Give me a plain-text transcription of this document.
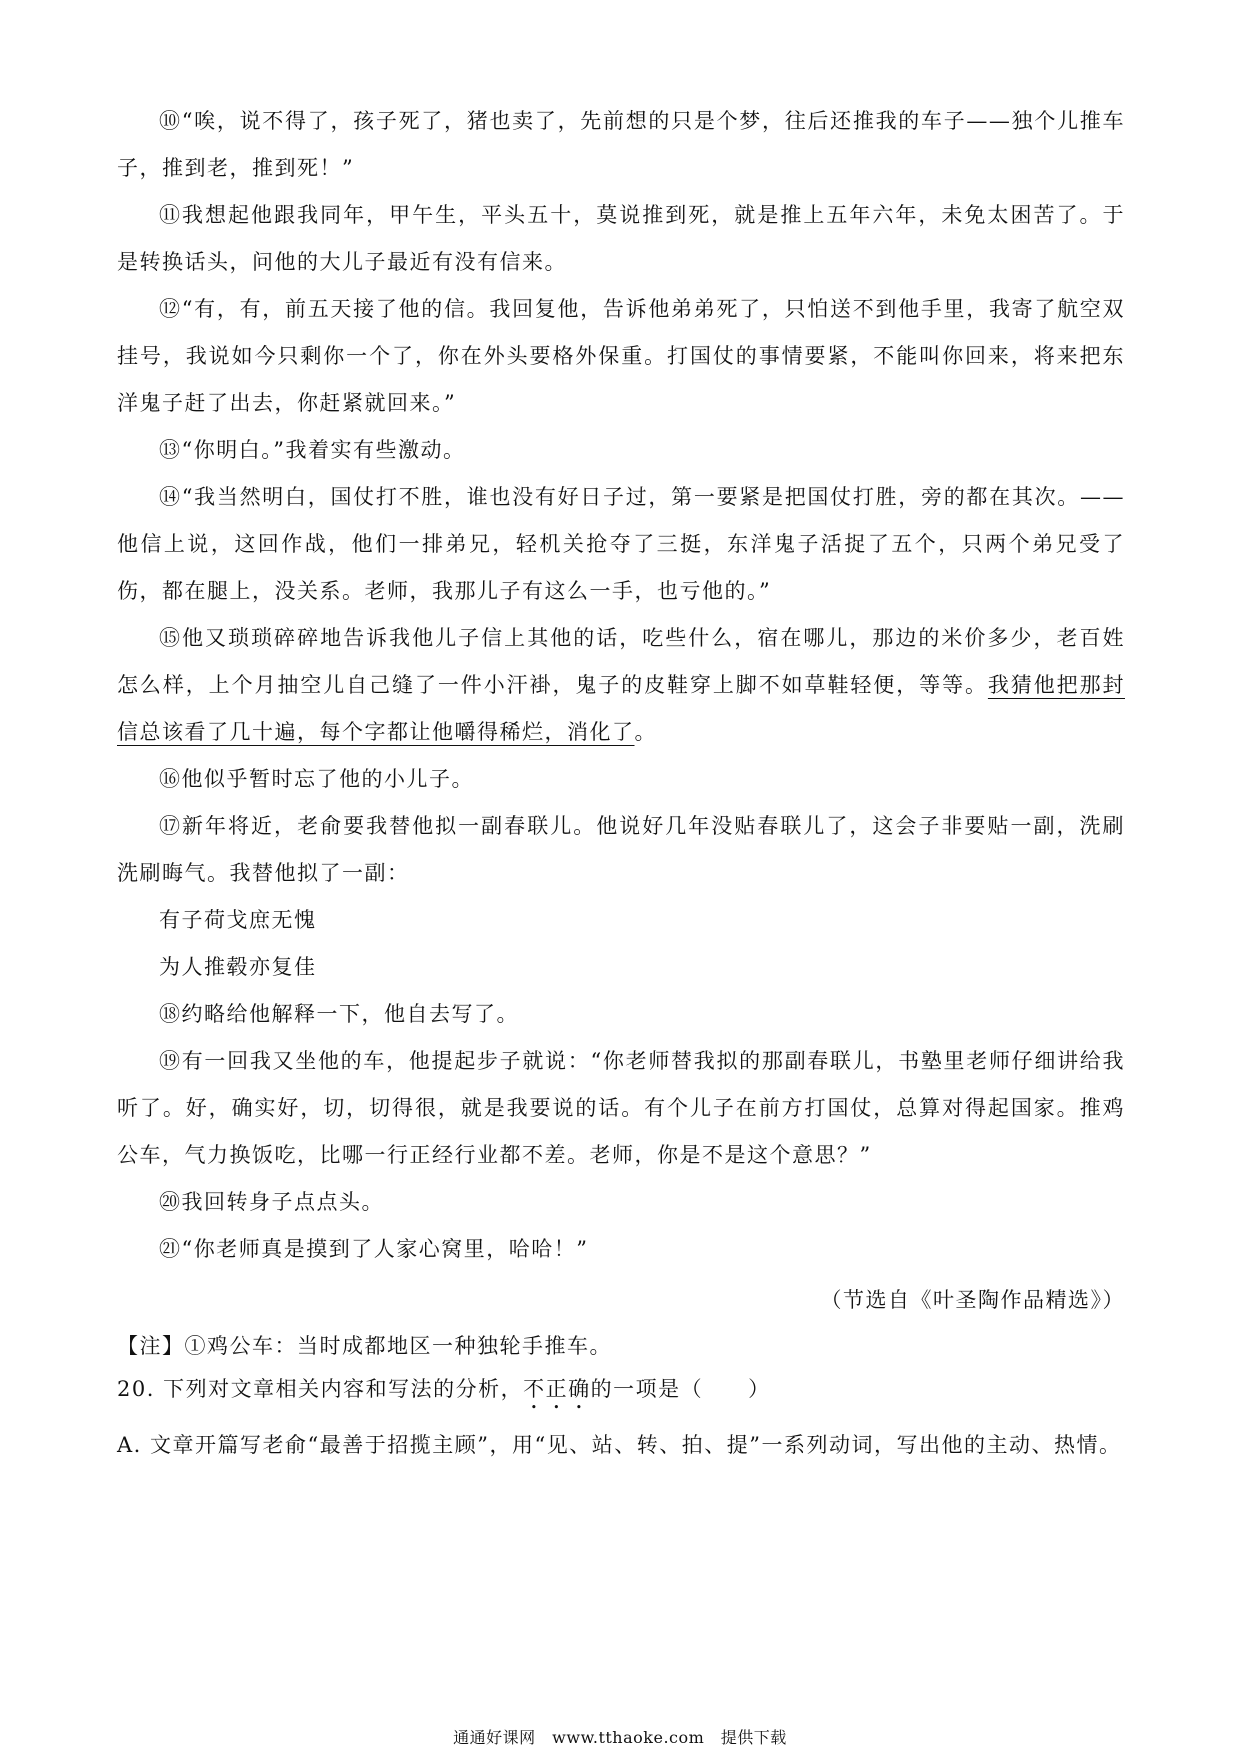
⑩“唉，说不得了，孩子死了，猪也卖了，先前想的只是个梦，往后还推我的车子——独个儿推车子，推到老，推到死！”

⑪我想起他跟我同年，甲午生，平头五十，莫说推到死，就是推上五年六年，未免太困苦了。于是转换话头，问他的大儿子最近有没有信来。

⑫“有，有，前五天接了他的信。我回复他，告诉他弟弟死了，只怕送不到他手里，我寄了航空双挂号，我说如今只剩你一个了，你在外头要格外保重。打国仗的事情要紧，不能叫你回来，将来把东洋鬼子赶了出去，你赶紧就回来。”

⑬“你明白。”我着实有些激动。

⑭“我当然明白，国仗打不胜，谁也没有好日子过，第一要紧是把国仗打胜，旁的都在其次。——他信上说，这回作战，他们一排弟兄，轻机关抢夺了三挺，东洋鬼子活捉了五个，只两个弟兄受了伤，都在腿上，没关系。老师，我那儿子有这么一手，也亏他的。”

⑮他又琐琐碎碎地告诉我他儿子信上其他的话，吃些什么，宿在哪儿，那边的米价多少，老百姓怎么样，上个月抽空儿自己缝了一件小汗褂，鬼子的皮鞋穿上脚不如草鞋轻便，等等。我猜他把那封信总该看了几十遍，每个字都让他嚼得稀烂，消化了。

⑯他似乎暂时忘了他的小儿子。

⑰新年将近，老俞要我替他拟一副春联儿。他说好几年没贴春联儿了，这会子非要贴一副，洗刷洗刷晦气。我替他拟了一副：

有子荷戈庶无愧

为人推毂亦复佳

⑱约略给他解释一下，他自去写了。

⑲有一回我又坐他的车，他提起步子就说：“你老师替我拟的那副春联儿，书塾里老师仔细讲给我听了。好，确实好，切，切得很，就是我要说的话。有个儿子在前方打国仗，总算对得起国家。推鸡公车，气力换饭吃，比哪一行正经行业都不差。老师，你是不是这个意思？”

⑳我回转身子点点头。

㉑“你老师真是摸到了人家心窝里，哈哈！”

（节选自《叶圣陶作品精选》）

【注】①鸡公车：当时成都地区一种独轮手推车。

20. 下列对文章相关内容和写法的分析，不正确的一项是（　　）

A. 文章开篇写老俞“最善于招揽主顾”，用“见、站、转、拍、提”一系列动词，写出他的主动、热情。

通通好课网　www.tthaoke.com　提供下载
